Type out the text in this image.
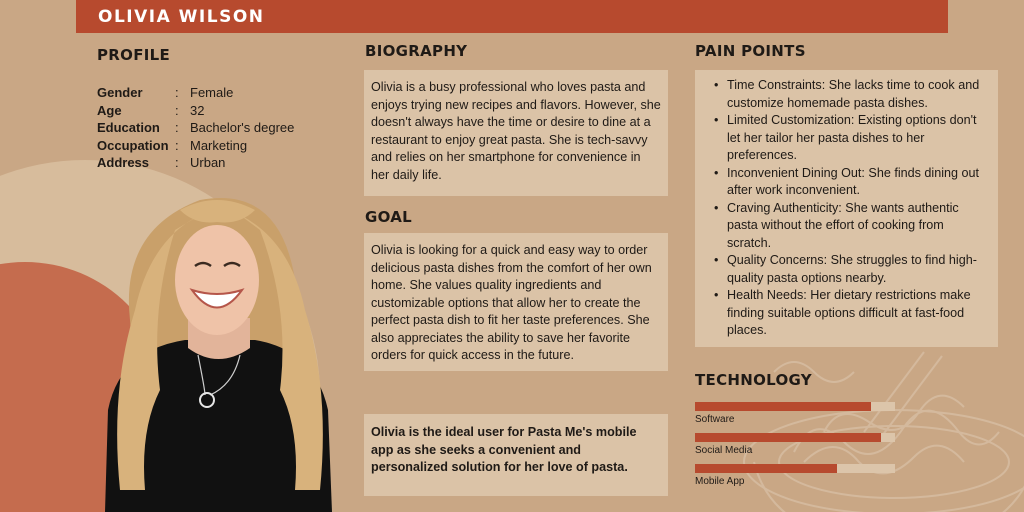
OLIVIA WILSON
PROFILE
Gender	:	Female
Age	:	32
Education	:	Bachelor's degree
Occupation	:	Marketing
Address	:	Urban
BIOGRAPHY

Olivia is a busy professional who loves pasta and enjoys trying new recipes and flavors. However, she doesn't always have the time or desire to dine at a restaurant to enjoy great pasta. She is tech-savvy and relies on her smartphone for convenience in her daily life.

GOAL

Olivia is looking for a quick and easy way to order delicious pasta dishes from the comfort of her own home. She values quality ingredients and customizable options that allow her to create the perfect pasta dish to fit her taste preferences. She also appreciates the ability to save her favorite orders for quick access in the future.

Olivia is the ideal user for Pasta Me's mobile app as she seeks a convenient and personalized solution for her love of pasta.

PAIN POINTS
• Time Constraints: She lacks time to cook and customize homemade pasta dishes.
• Limited Customization: Existing options don't let her tailor her pasta dishes to her preferences.
• Inconvenient Dining Out: She finds dining out after work inconvenient.
• Craving Authenticity: She wants authentic pasta without the effort of cooking from scratch.
• Quality Concerns: She struggles to find high-quality pasta options nearby.
• Health Needs: Her dietary restrictions make finding suitable options difficult at fast-food places.
TECHNOLOGY
Software
Social Media
Mobile App
